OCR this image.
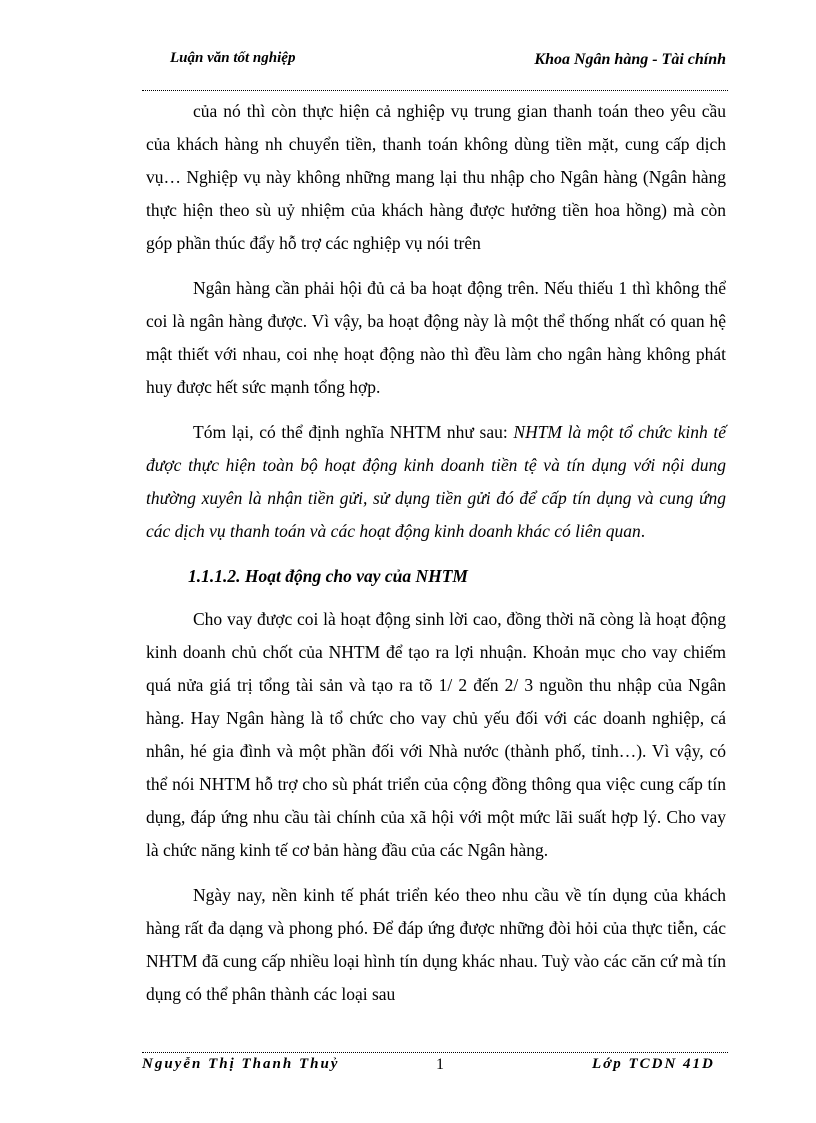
Luận văn tốt nghiệp	Khoa Ngân hàng - Tài chính

của nó thì còn thực hiện cả nghiệp vụ trung gian thanh toán theo yêu cầu của khách hàng nh chuyển tiền, thanh toán không dùng tiền mặt, cung cấp dịch vụ… Nghiệp vụ này không những mang lại thu nhập cho Ngân hàng (Ngân hàng thực hiện theo sù uỷ nhiệm của khách hàng được hưởng tiền hoa hồng) mà còn góp phần thúc đẩy hỗ trợ các nghiệp vụ nói trên

Ngân hàng cần phải hội đủ cả ba hoạt động trên. Nếu thiếu 1 thì không thể coi là ngân hàng được. Vì vậy, ba hoạt động này là một thể thống nhất có quan hệ mật thiết với nhau, coi nhẹ hoạt động nào thì đều làm cho ngân hàng không phát huy được hết sức mạnh tổng hợp.

Tóm lại, có thể định nghĩa NHTM như sau: NHTM là một tổ chức kinh tế được thực hiện toàn bộ hoạt động kinh doanh tiền tệ và tín dụng với nội dung thường xuyên là nhận tiền gửi, sử dụng tiền gửi đó để cấp tín dụng và cung ứng các dịch vụ thanh toán và các hoạt động kinh doanh khác có liên quan.

1.1.1.2. Hoạt động cho vay của NHTM

Cho vay được coi là hoạt động sinh lời cao, đồng thời nã còng là hoạt động kinh doanh chủ chốt của NHTM để tạo ra lợi nhuận. Khoản mục cho vay chiếm quá nửa giá trị tổng tài sản và tạo ra tõ 1/ 2 đến 2/ 3 nguồn thu nhập của Ngân hàng. Hay Ngân hàng là tổ chức cho vay chủ yếu đối với các doanh nghiệp, cá nhân, hé gia đình và một phần đối với Nhà nước (thành phố, tỉnh…). Vì vậy, có thể nói NHTM hỗ trợ cho sù phát triển của cộng đồng thông qua việc cung cấp tín dụng, đáp ứng nhu cầu tài chính của xã hội với một mức lãi suất hợp lý. Cho vay là chức năng kinh tế cơ bản hàng đầu của các Ngân hàng.

Ngày nay, nền kinh tế phát triển kéo theo nhu cầu về tín dụng của khách hàng rất đa dạng và phong phó. Để đáp ứng được những đòi hỏi của thực tiễn, các NHTM đã cung cấp nhiều loại hình tín dụng khác nhau. Tuỳ vào các căn cứ mà tín dụng có thể phân thành các loại sau

Nguyễn Thị Thanh Thuỷ	1	Lớp TCDN 41D
